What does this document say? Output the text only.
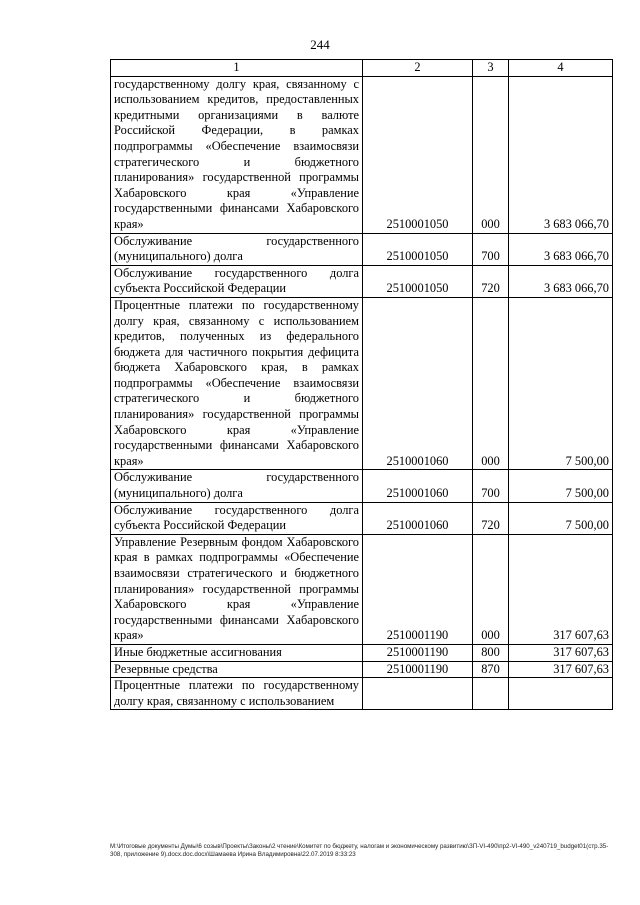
244
1	2	3	4
государственному долгу края, связанному с использованием кредитов, предоставленных кредитными организациями в валюте Российской Федерации, в рамках подпрограммы «Обеспечение взаимосвязи стратегического и бюджетного планирования» государственной программы Хабаровского края «Управление государственными финансами Хабаровского края»	2510001050	000	3 683 066,70
Обслуживание государственного (муниципального) долга	2510001050	700	3 683 066,70
Обслуживание государственного долга субъекта Российской Федерации	2510001050	720	3 683 066,70
Процентные платежи по государственному долгу края, связанному с использованием кредитов, полученных из федерального бюджета для частичного покрытия дефицита бюджета Хабаровского края, в рамках подпрограммы «Обеспечение взаимосвязи стратегического и бюджетного планирования» государственной программы Хабаровского края «Управление государственными финансами Хабаровского края»	2510001060	000	7 500,00
Обслуживание государственного (муниципального) долга	2510001060	700	7 500,00
Обслуживание государственного долга субъекта Российской Федерации	2510001060	720	7 500,00
Управление Резервным фондом Хабаровского края в рамках подпрограммы «Обеспечение взаимосвязи стратегического и бюджетного планирования» государственной программы Хабаровского края «Управление государственными финансами Хабаровского края»	2510001190	000	317 607,63
Иные бюджетные ассигнования	2510001190	800	317 607,63
Резервные средства	2510001190	870	317 607,63
Процентные платежи по государственному долгу края, связанному с использованием			
M:\Итоговые документы Думы\6 созыв\Проекты\Законы\2 чтение\Комитет по бюджету, налогам и экономическому развитию\ЗП-VI-490\пр2-VI-490_v240719_budget01(стр.35-308, приложение 9).docx.doc.docx\Шамаева Ирина Владимировна\22.07.2019 8:33:23
